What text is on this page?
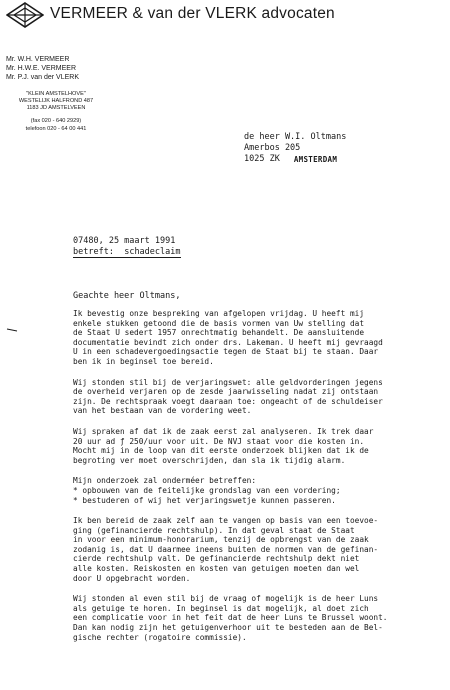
VERMEER & van der VLERK advocaten
Mr. W.H. VERMEER
Mr. H.W.E. VERMEER
Mr. P.J. van der VLERK
"KLEIN AMSTELHOVE"
WESTELIJK HALFROND 487
1183 JD AMSTELVEEN
(fax 020 - 640 2929)
telefoon 020 - 64 00 441
de heer W.I. Oltmans
Amerbos 205
1025 ZK AMSTERDAM
07480, 25 maart 1991
betreft: schadeclaim
Geachte heer Oltmans,
Ik bevestig onze bespreking van afgelopen vrijdag. U heeft mij
enkele stukken getoond die de basis vormen van Uw stelling dat
de Staat U sedert 1957 onrechtmatig behandelt. De aansluitende
documentatie bevindt zich onder drs. Lakeman. U heeft mij gevraagd
U in een schadevergoedingsactie tegen de Staat bij te staan. Daar
ben ik in beginsel toe bereid.
Wij stonden stil bij de verjaringswet: alle geldvorderingen jegens
de overheid verjaren op de zesde jaarwisseling nadat zij ontstaan
zijn. De rechtspraak voegt daaraan toe: ongeacht of de schuldeiser
van het bestaan van de vordering weet.
Wij spraken af dat ik de zaak eerst zal analyseren. Ik trek daar
20 uur ad ƒ 250/uur voor uit. De NVJ staat voor die kosten in.
Mocht mij in de loop van dit eerste onderzoek blijken dat ik de
begroting ver moet overschrijden, dan sla ik tijdig alarm.
Mijn onderzoek zal onderméer betreffen:
* opbouwen van de feitelijke grondslag van een vordering;
* bestuderen of wij het verjaringswetje kunnen passeren.
Ik ben bereid de zaak zelf aan te vangen op basis van een toevoe-
ging (gefinancierde rechtshulp). In dat geval staat de Staat
in voor een minimum-honorarium, tenzij de opbrengst van de zaak
zodanig is, dat U daarmee ineens buiten de normen van de gefinan-
cierde rechtshulp valt. De gefinancierde rechtshulp dekt niet
alle kosten. Reiskosten en kosten van getuigen moeten dan wel
door U opgebracht worden.
Wij stonden al even stil bij de vraag of mogelijk is de heer Luns
als getuige te horen. In beginsel is dat mogelijk, al doet zich
een complicatie voor in het feit dat de heer Luns te Brussel woont.
Dan kan nodig zijn het getuigenverhoor uit te besteden aan de Bel-
gische rechter (rogatoire commissie).
